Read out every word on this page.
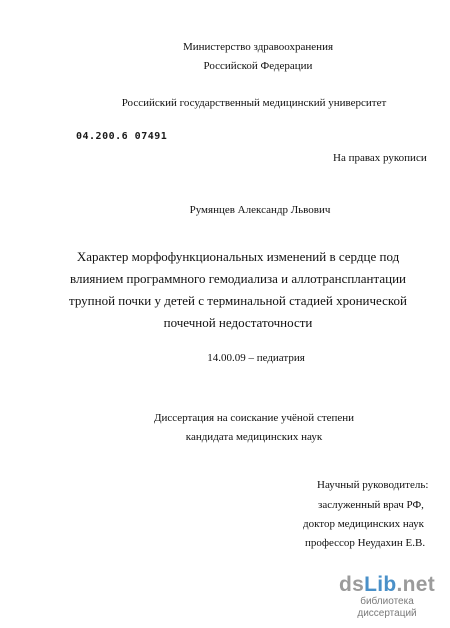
Министерство здравоохранения
Российской Федерации
Российский государственный медицинский университет
04.200.6 07491
На правах рукописи
Румянцев Александр Львович
Характер морфофункциональных изменений в сердце под
влиянием программного гемодиализа и аллотрансплантации
трупной почки у детей с терминальной стадией хронической
почечной недостаточности
14.00.09 – педиатрия
Диссертация на соискание учёной степени
кандидата медицинских наук
Научный руководитель:
заслуженный врач РФ,
доктор медицинских наук
профессор Неудахин Е.В.
dsLib.net
библиотека диссертаций
